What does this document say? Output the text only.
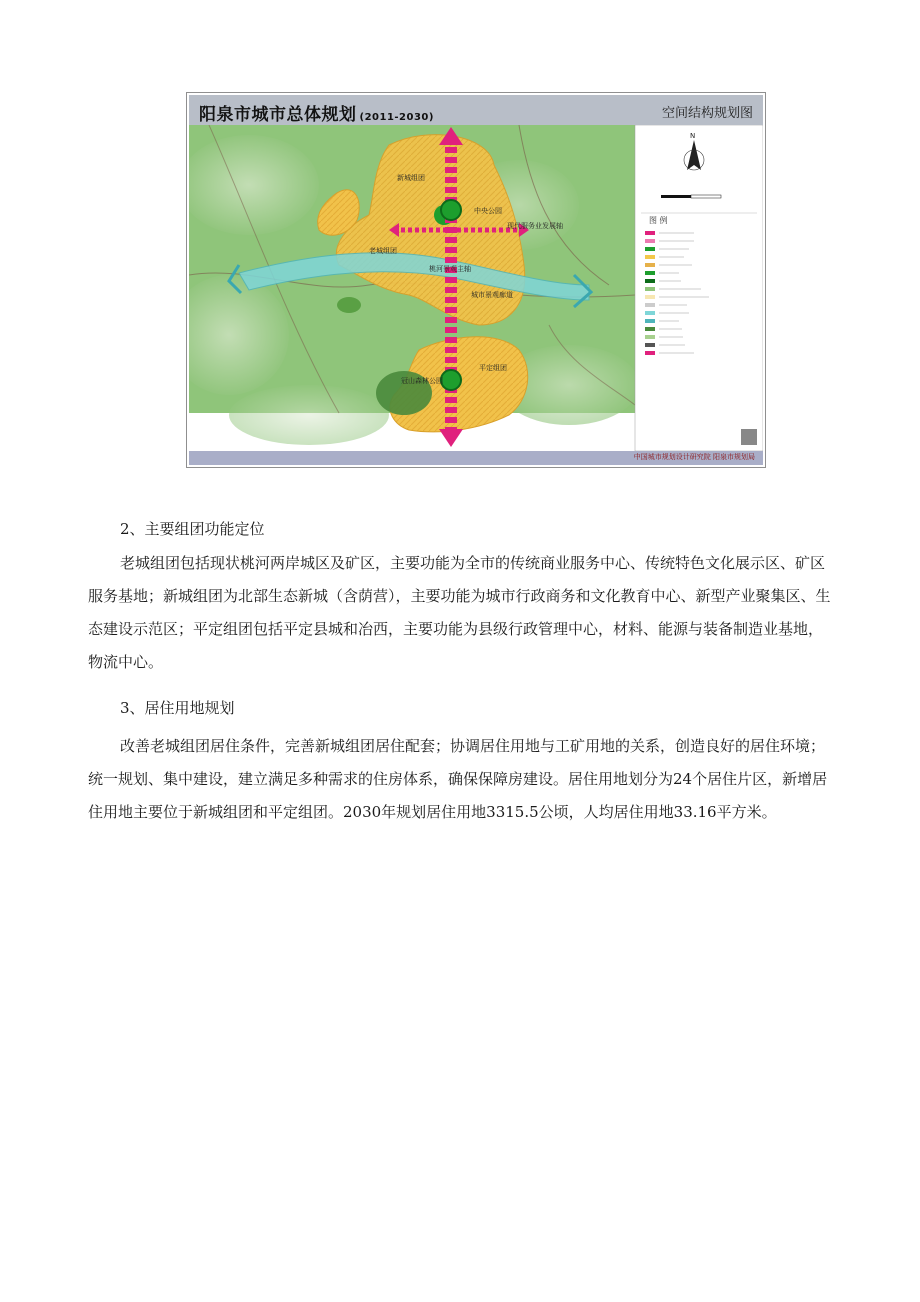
阳泉市城市总体规划 (2011-2030)	空间结构规划图
新城组团
中央公园
老城组团
现代服务业发展轴
桃河景观主轴
城市景观廊道
平定组团
冠山森林公园
N
图 例
中国城市规划设计研究院 阳泉市规划局
2、主要组团功能定位

老城组团包括现状桃河两岸城区及矿区，主要功能为全市的传统商业服务中心、传统特色文化展示区、矿区服务基地；新城组团为北部生态新城（含荫营），主要功能为城市行政商务和文化教育中心、新型产业聚集区、生态建设示范区；平定组团包括平定县城和冶西，主要功能为县级行政管理中心，材料、能源与装备制造业基地，物流中心。

3、居住用地规划

改善老城组团居住条件，完善新城组团居住配套；协调居住用地与工矿用地的关系，创造良好的居住环境；统一规划、集中建设，建立满足多种需求的住房体系，确保保障房建设。居住用地划分为24个居住片区，新增居住用地主要位于新城组团和平定组团。2030年规划居住用地3315.5公顷，人均居住用地33.16平方米。
